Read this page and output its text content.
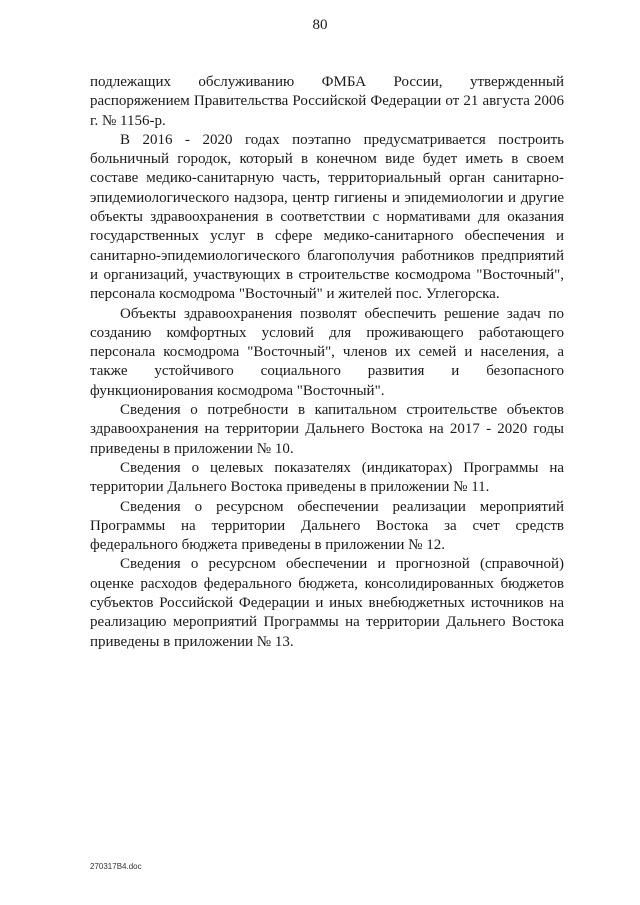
80

подлежащих обслуживанию ФМБА России, утвержденный распоряжением Правительства Российской Федерации от 21 августа 2006 г. № 1156-р.

В 2016 - 2020 годах поэтапно предусматривается построить больничный городок, который в конечном виде будет иметь в своем составе медико-санитарную часть, территориальный орган санитарно-эпидемиологического надзора, центр гигиены и эпидемиологии и другие объекты здравоохранения в соответствии с нормативами для оказания государственных услуг в сфере медико-санитарного обеспечения и санитарно-эпидемиологического благополучия работников предприятий и организаций, участвующих в строительстве космодрома "Восточный", персонала космодрома "Восточный" и жителей пос. Углегорска.

Объекты здравоохранения позволят обеспечить решение задач по созданию комфортных условий для проживающего работающего персонала космодрома "Восточный", членов их семей и населения, а также устойчивого социального развития и безопасного функционирования космодрома "Восточный".

Сведения о потребности в капитальном строительстве объектов здравоохранения на территории Дальнего Востока на 2017 - 2020 годы приведены в приложении № 10.

Сведения о целевых показателях (индикаторах) Программы на территории Дальнего Востока приведены в приложении № 11.

Сведения о ресурсном обеспечении реализации мероприятий Программы на территории Дальнего Востока за счет средств федерального бюджета приведены в приложении № 12.

Сведения о ресурсном обеспечении и прогнозной (справочной) оценке расходов федерального бюджета, консолидированных бюджетов субъектов Российской Федерации и иных внебюджетных источников на реализацию мероприятий Программы на территории Дальнего Востока приведены в приложении № 13.

270317В4.doc
